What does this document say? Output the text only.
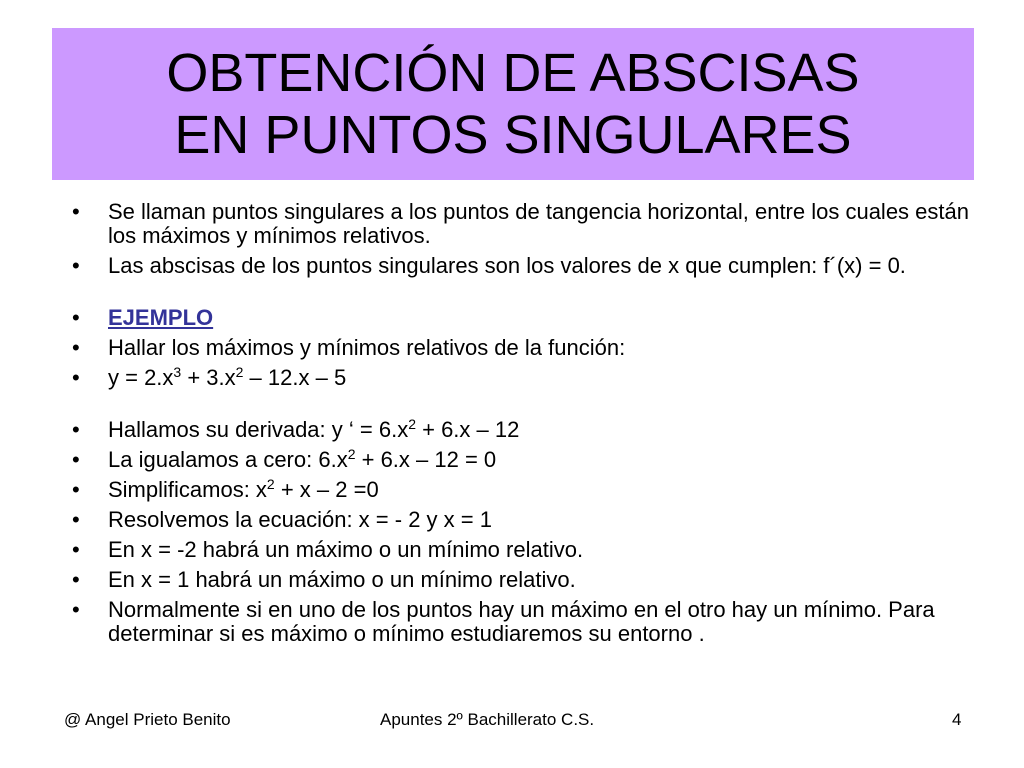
OBTENCIÓN DE ABSCISAS
EN PUNTOS SINGULARES
• Se llaman puntos singulares a los puntos de tangencia horizontal, entre los cuales están los máximos y mínimos relativos.
• Las abscisas de los puntos singulares son los valores de x que cumplen: f´(x) = 0.
• EJEMPLO
• Hallar los máximos y mínimos relativos de la función:
• $y = 2.x^3 + 3.x^2 - 12.x - 5$
• Hallamos su derivada: y ‘ = $6.x^2 + 6.x - 12$
• La igualamos a cero: $6.x^2 + 6.x - 12 = 0$
• Simplificamos: $x^2 + x - 2 =0$
• Resolvemos la ecuación: x = - 2 y x = 1
• En x = -2 habrá un máximo o un mínimo relativo.
• En x = 1 habrá un máximo o un mínimo relativo.
• Normalmente si en uno de los puntos hay un máximo en el otro hay un mínimo. Para determinar si es máximo o mínimo estudiaremos su entorno .
@ Angel Prieto Benito	Apuntes 2º Bachillerato C.S.	4
